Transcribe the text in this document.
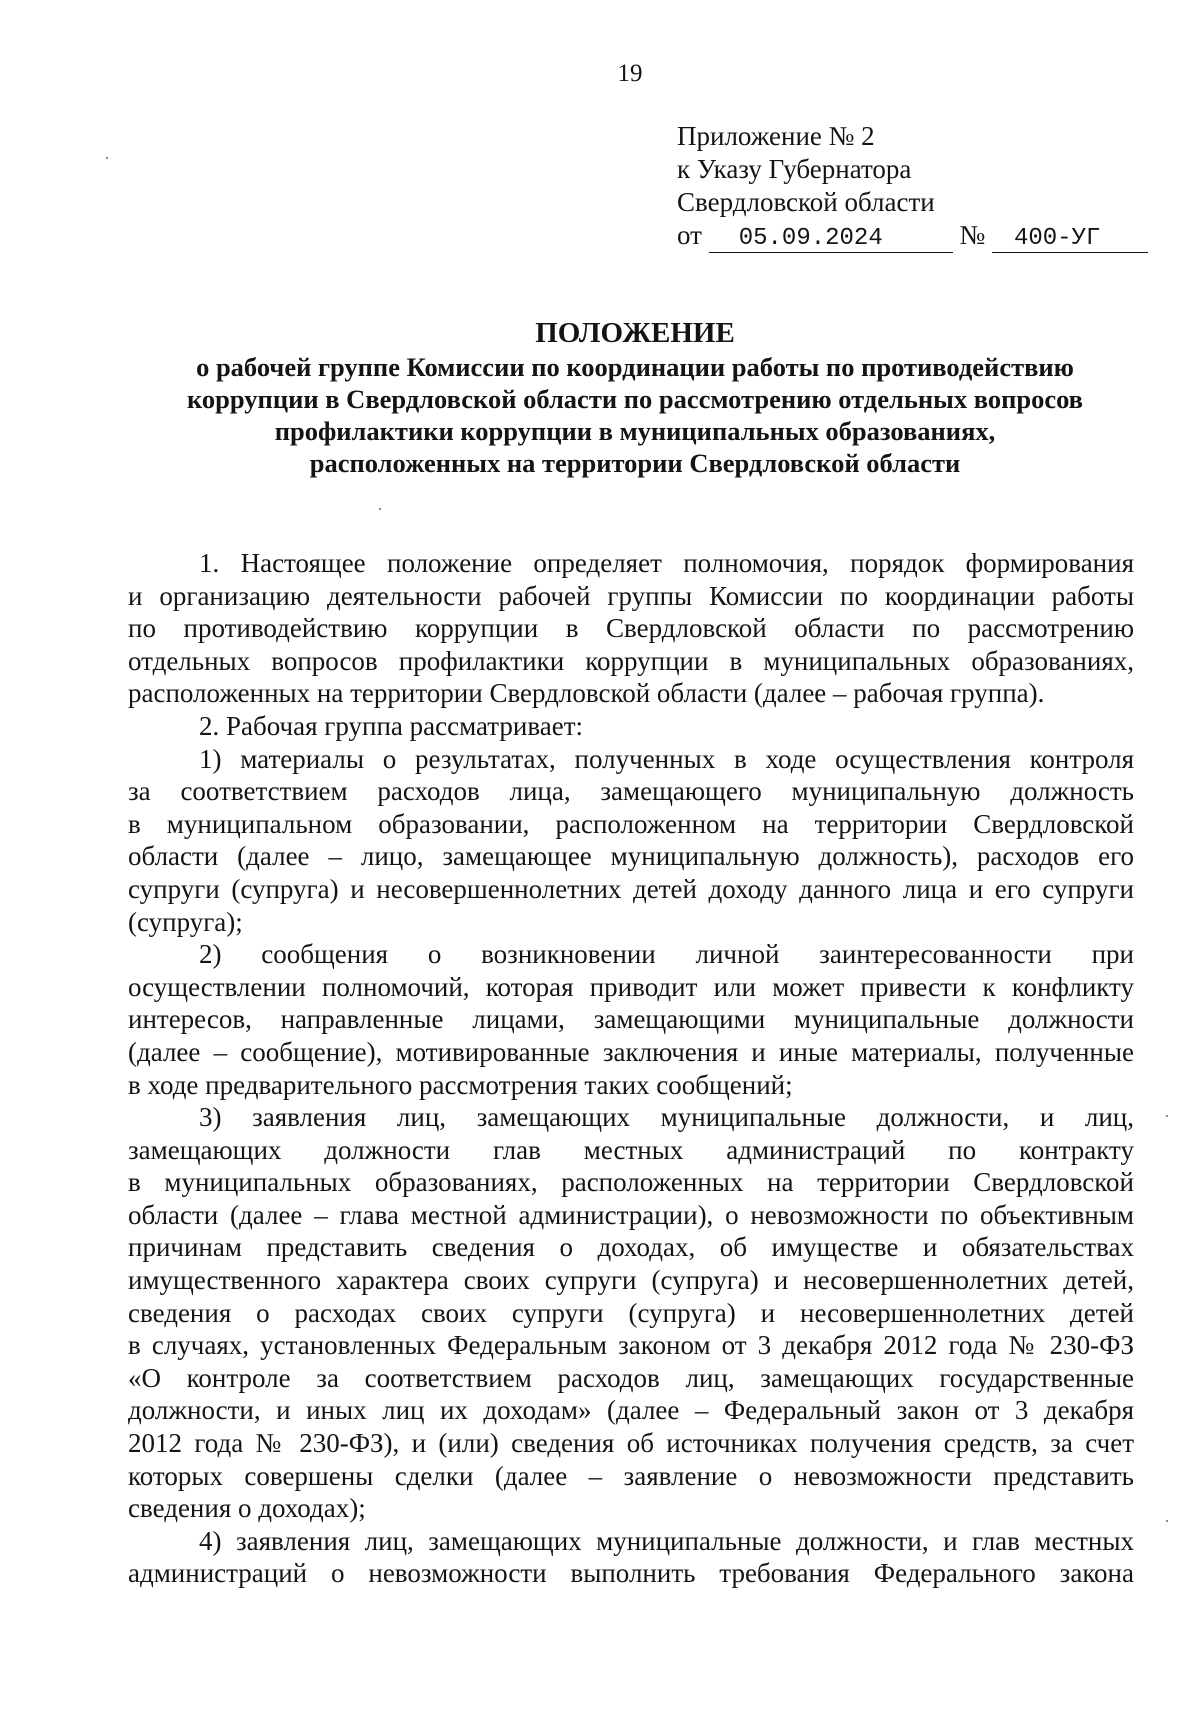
19
Приложение № 2
к Указу Губернатора
Свердловской области
от 05.09.2024	№ 400-УГ
ПОЛОЖЕНИЕ
о рабочей группе Комиссии по координации работы по противодействию
коррупции в Свердловской области по рассмотрению отдельных вопросов
профилактики коррупции в муниципальных образованиях,
расположенных на территории Свердловской области
1. Настоящее положение определяет полномочия, порядок формирования
и организацию деятельности рабочей группы Комиссии по координации работы
по противодействию коррупции в Свердловской области по рассмотрению
отдельных вопросов профилактики коррупции в муниципальных образованиях,
расположенных на территории Свердловской области (далее – рабочая группа).
2. Рабочая группа рассматривает:
1) материалы о результатах, полученных в ходе осуществления контроля
за соответствием расходов лица, замещающего муниципальную должность
в муниципальном образовании, расположенном на территории Свердловской
области (далее – лицо, замещающее муниципальную должность), расходов его
супруги (супруга) и несовершеннолетних детей доходу данного лица и его супруги
(супруга);
2) сообщения о возникновении личной заинтересованности при
осуществлении полномочий, которая приводит или может привести к конфликту
интересов, направленные лицами, замещающими муниципальные должности
(далее – сообщение), мотивированные заключения и иные материалы, полученные
в ходе предварительного рассмотрения таких сообщений;
3) заявления лиц, замещающих муниципальные должности, и лиц,
замещающих должности глав местных администраций по контракту
в муниципальных образованиях, расположенных на территории Свердловской
области (далее – глава местной администрации), о невозможности по объективным
причинам представить сведения о доходах, об имуществе и обязательствах
имущественного характера своих супруги (супруга) и несовершеннолетних детей,
сведения о расходах своих супруги (супруга) и несовершеннолетних детей
в случаях, установленных Федеральным законом от 3 декабря 2012 года № 230-ФЗ
«О контроле за соответствием расходов лиц, замещающих государственные
должности, и иных лиц их доходам» (далее – Федеральный закон от 3 декабря
2012 года № 230-ФЗ), и (или) сведения об источниках получения средств, за счет
которых совершены сделки (далее – заявление о невозможности представить
сведения о доходах);
4) заявления лиц, замещающих муниципальные должности, и глав местных
администраций о невозможности выполнить требования Федерального закона
